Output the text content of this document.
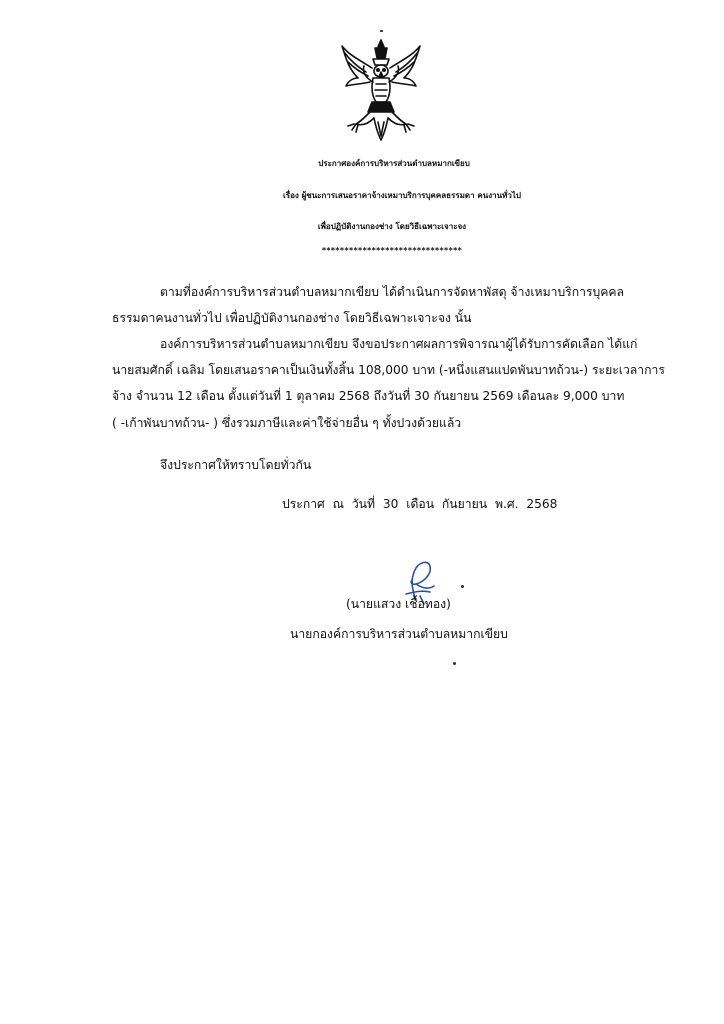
ประกาศองค์การบริหารส่วนตำบลหมากเขียบ
เรื่อง ผู้ชนะการเสนอราคาจ้างเหมาบริการบุคคลธรรมดา คนงานทั่วไป
เพื่อปฏิบัติงานกองช่าง โดยวิธีเฉพาะเจาะจง
*******************************
ตามที่องค์การบริหารส่วนตำบลหมากเขียบ ได้ดำเนินการจัดหาพัสดุ จ้างเหมาบริการบุคคล
ธรรมดาคนงานทั่วไป เพื่อปฏิบัติงานกองช่าง โดยวิธีเฉพาะเจาะจง นั้น
องค์การบริหารส่วนตำบลหมากเขียบ จึงขอประกาศผลการพิจารณาผู้ได้รับการคัดเลือก ได้แก่
นายสมศักดิ์ เฉลิม โดยเสนอราคาเป็นเงินทั้งสิ้น 108,000 บาท (-หนึ่งแสนแปดพันบาทถ้วน-) ระยะเวลาการ
จ้าง จำนวน 12 เดือน ตั้งแต่วันที่ 1 ตุลาคม 2568 ถึงวันที่ 30 กันยายน 2569 เดือนละ 9,000 บาท
( -เก้าพันบาทถ้วน- ) ซึ่งรวมภาษีและค่าใช้จ่ายอื่น ๆ ทั้งปวงด้วยแล้ว
จึงประกาศให้ทราบโดยทั่วกัน
ประกาศ ณ วันที่ 30 เดือน กันยายน พ.ศ. 2568
(นายแสวง เชื้อทอง)
นายกองค์การบริหารส่วนตำบลหมากเขียบ
